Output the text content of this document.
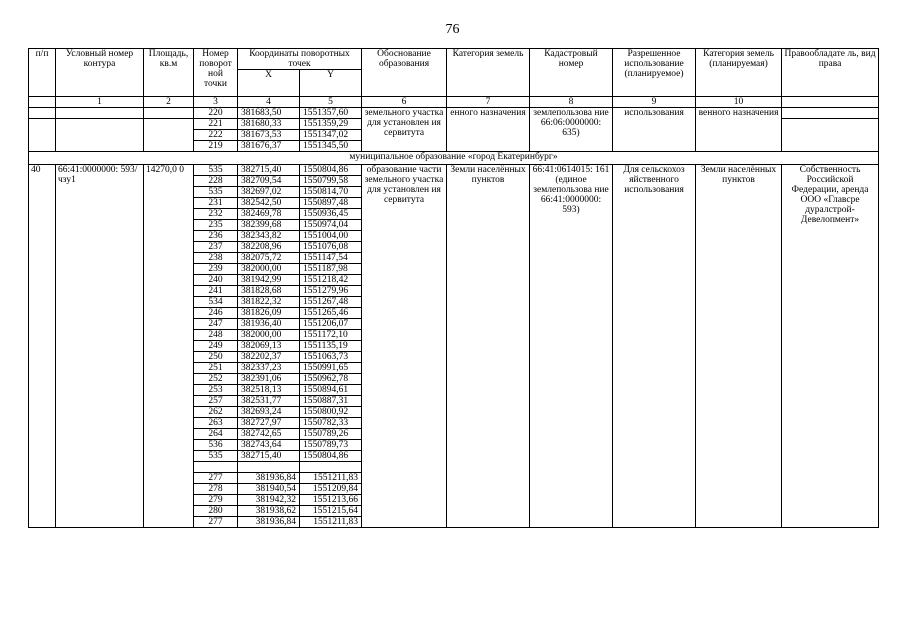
76
п/п	Условный номер контура	Площадь, кв.м	Номер поворот ной точки	Координаты поворотных точек		Обоснование образования	Категория земель	Кадастровый номер	Разрешенное использование (планируемое)	Категория земель (планируемая)	Правообладате ль, вид права
				X	Y						
	1	2	3	4	5	6	7	8	9	10	
			220	381683,50	1551357,60	земельного участка для установлен ия сервитута	енного назначения	землепользова ние 66:06:0000000: 635)	использования	венного назначения	
			221	381680,33	1551359,29						
			222	381673,53	1551347,02						
			219	381676,37	1551345,50						
муниципальное образование «город Екатеринбург»											
40	66:41:0000000: 593/чзу1	14270,0 0	535	382715,40	1550804,86	образование части земельного участка для установлен ия сервитута	Земли населённых пунктов	66:41:0614015: 161 (единое землепользова ние 66:41:0000000: 593)	Для сельскохоз яйственного использования	Земли населённых пунктов	Собственность Российской Федерации, аренда ООО «Главсре дуралстрой- Девелопмент»
			228	382709,54	1550799,58						
			535	382697,02	1550814,70						
			231	382542,50	1550897,48						
			232	382469,78	1550936,45						
			235	382399,68	1550974,04						
			236	382343,82	1551004,00						
			237	382208,96	1551076,08						
			238	382075,72	1551147,54						
			239	382000,00	1551187,98						
			240	381942,99	1551218,42						
			241	381828,68	1551279,96						
			534	381822,32	1551267,48						
			246	381826,09	1551265,46						
			247	381936,40	1551206,07						
			248	382000,00	1551172,10						
			249	382069,13	1551135,19						
			250	382202,37	1551063,73						
			251	382337,23	1550991,65						
			252	382391,06	1550962,78						
			253	382518,13	1550894,61						
			257	382531,77	1550887,31						
			262	382693,24	1550800,92						
			263	382727,97	1550782,33						
			264	382742,65	1550789,26						
			536	382743,64	1550789,73						
			535	382715,40	1550804,86						

			277	381936,84	1551211,83						
			278	381940,54	1551209,84						
			279	381942,32	1551213,66						
			280	381938,62	1551215,64						
			277	381936,84	1551211,83						
